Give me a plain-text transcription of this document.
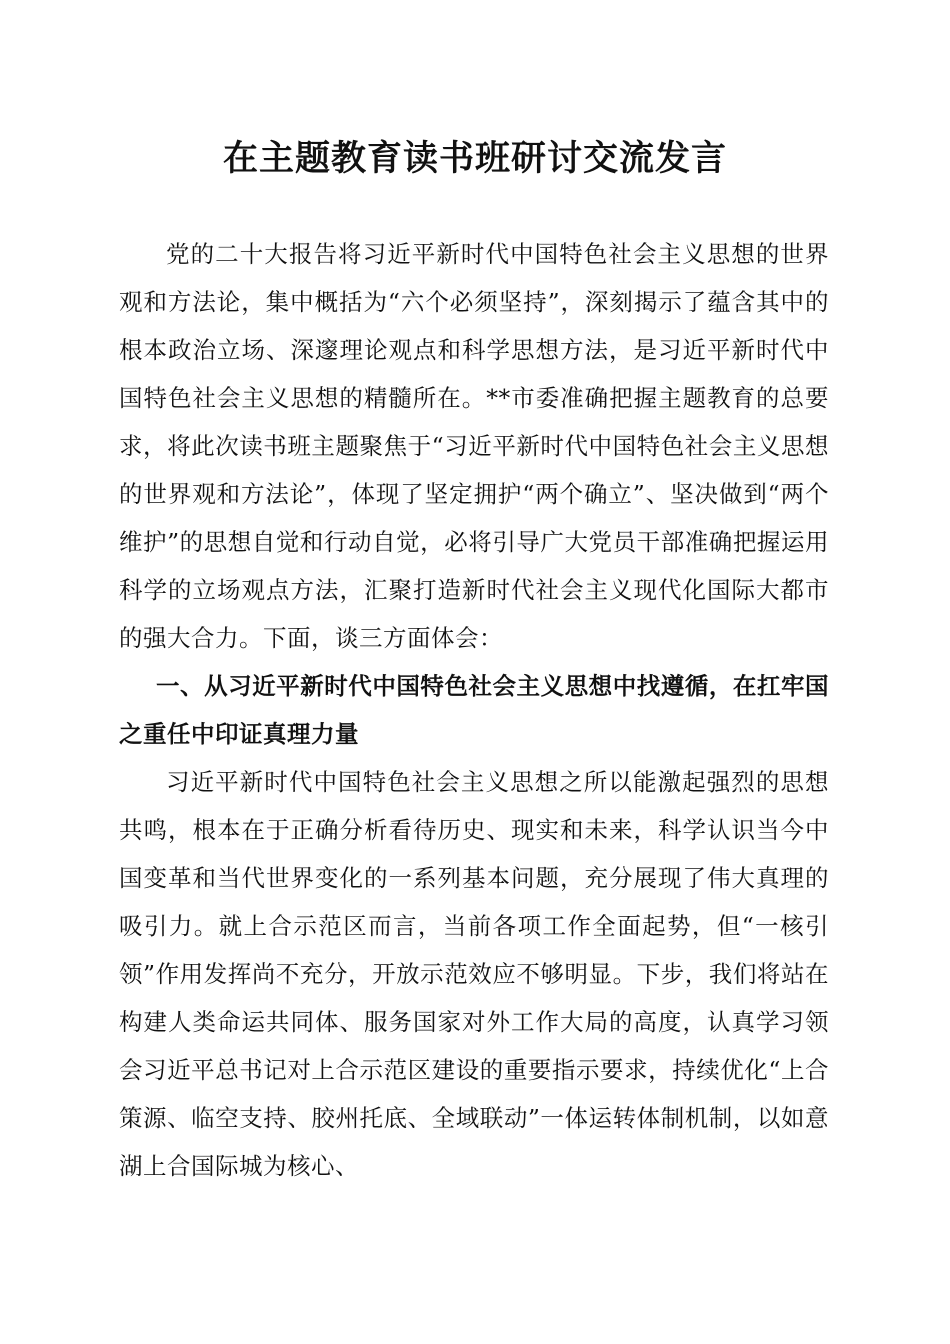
在主题教育读书班研讨交流发言

党的二十大报告将习近平新时代中国特色社会主义思想的世界观和方法论，集中概括为“六个必须坚持”，深刻揭示了蕴含其中的根本政治立场、深邃理论观点和科学思想方法，是习近平新时代中国特色社会主义思想的精髓所在。**市委准确把握主题教育的总要求，将此次读书班主题聚焦于“习近平新时代中国特色社会主义思想的世界观和方法论”，体现了坚定拥护“两个确立”、坚决做到“两个维护”的思想自觉和行动自觉，必将引导广大党员干部准确把握运用科学的立场观点方法，汇聚打造新时代社会主义现代化国际大都市的强大合力。下面，谈三方面体会：

一、从习近平新时代中国特色社会主义思想中找遵循，在扛牢国之重任中印证真理力量

习近平新时代中国特色社会主义思想之所以能激起强烈的思想共鸣，根本在于正确分析看待历史、现实和未来，科学认识当今中国变革和当代世界变化的一系列基本问题，充分展现了伟大真理的吸引力。就上合示范区而言，当前各项工作全面起势，但“一核引领”作用发挥尚不充分，开放示范效应不够明显。下步，我们将站在构建人类命运共同体、服务国家对外工作大局的高度，认真学习领会习近平总书记对上合示范区建设的重要指示要求，持续优化“上合策源、临空支持、胶州托底、全域联动”一体运转体制机制，以如意湖上合国际城为核心、
